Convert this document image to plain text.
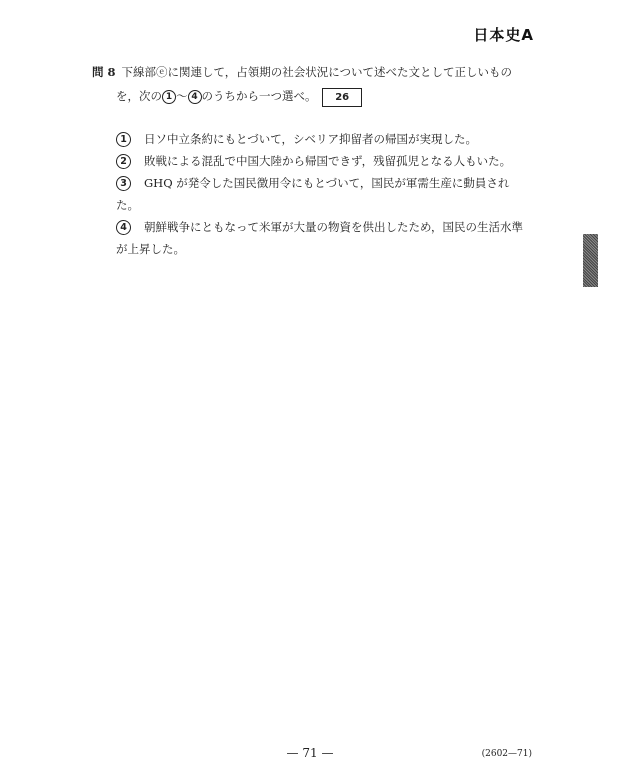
日本史A
問 8 下線部ⓔに関連して，占領期の社会状況について述べた文として正しいもの
を，次の 1 ～ 4 のうちから一つ選べ。 26
1	日ソ中立条約にもとづいて，シベリア抑留者の帰国が実現した。
2	敗戦による混乱で中国大陸から帰国できず，残留孤児となる人もいた。
3	GHQ が発令した国民徴用令にもとづいて，国民が軍需生産に動員され
た。
4	朝鮮戦争にともなって米軍が大量の物資を供出したため，国民の生活水準
が上昇した。
— 71 —	(2602—71)
